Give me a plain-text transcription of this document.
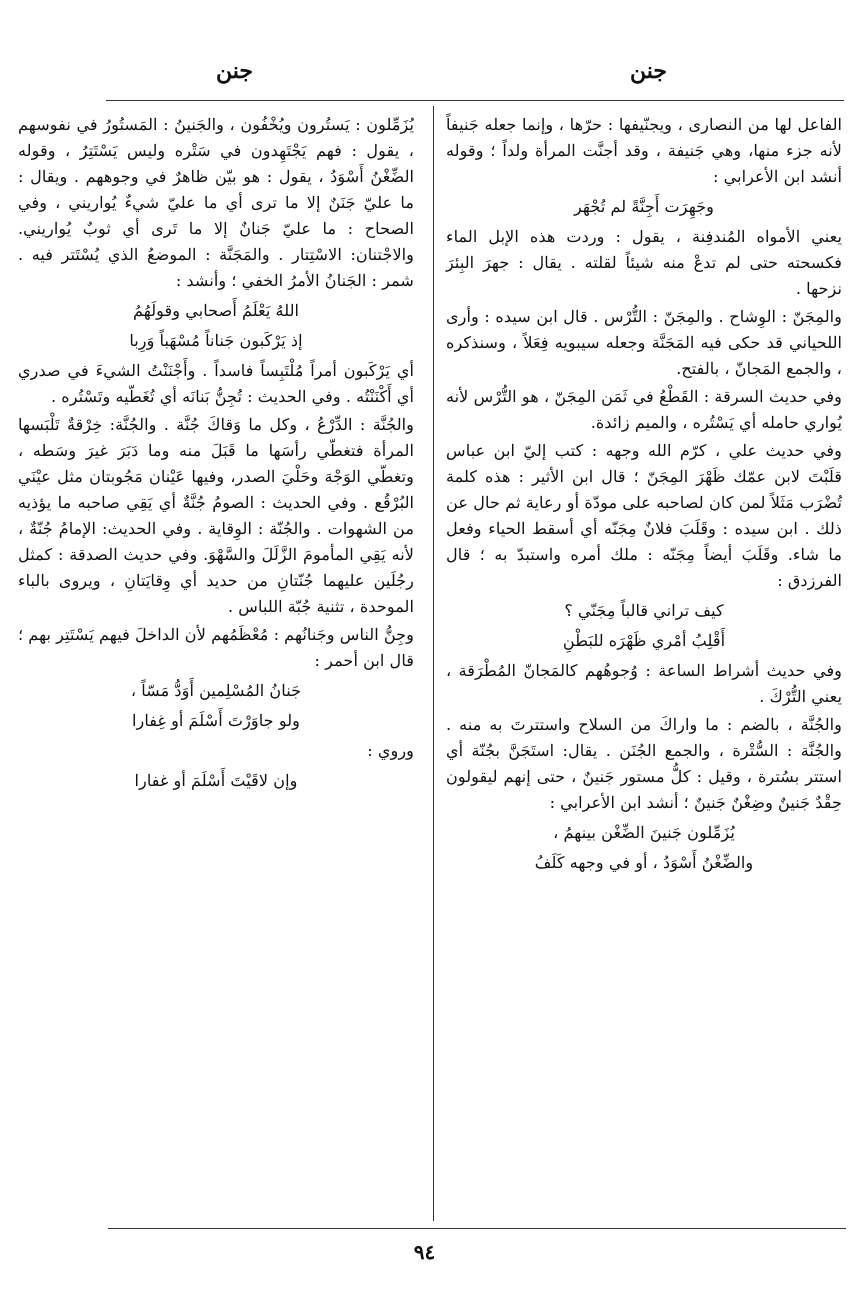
جنن	جنن
الفاعل لها من النصارى ، ويجنّيفها : حرّها ، وإنما جعله جَنيفاً لأنه جزء منها، وهي جَنيفة ، وقد أجنَّت المرأة ولداً ؛ وقوله أنشد ابن الأعرابي :
وجَهِرَت أَجِنَّةً لم تُجْهَر
يعني الأمواه المُندفِنة ، يقول : وردت هذه الإبل الماء فكسحته حتى لم تدعْ منه شيئاً لقلته . يقال : جهرَ البِئرَ نزحها .
والمِجَنّ : الوِشاح . والمِجَنّ : التُّرْس . قال ابن سيده : وأرى اللحياني قد حكى فيه المَجَنَّة وجعله سيبويه فِعَلاً ، وسنذكره ، والجمع المَجانّ ، بالفتح.
وفي حديث السرقة : القَطْعُ في ثَمَن المِجَنّ ، هو التُّرْس لأنه يُواري حامله أي يَسْتُره ، والميم زائدة.
وفي حديث علي ، كرّم الله وجهه : كتب إليّ ابن عباس قلَبْتَ لابن عمّك ظَهْرَ المِجَنّ ؛ قال ابن الأثير : هذه كلمة تُضْرَب مَثَلاً لمن كان لصاحبه على مودّة أو رعاية ثم حال عن ذلك . ابن سيده : وقَلَبَ فلانٌ مِجَنّه أي أسقط الحياء وفعل ما شاء. وقَلَبَ أيضاً مِجَنّه : ملك أمره واستبدّ به ؛ قال الفرزدق :
كيف تراني قالباً مِجَنّي ؟
أَقْلِبُ أمْري ظَهْرَه للبَطْنِ
وفي حديث أشراط الساعة : وُجوهُهم كالمَجانّ المُطْرَقة ، يعني التُّرْكَ .
والجُنَّة ، بالضم : ما واراكَ من السلاح واستترتَ به منه . والجُنَّة : السُّتْرة ، والجمع الجُنَن . يقال: استَجَنَّ بجُنّة أي استتر بسُترة ، وقيل : كلُّ مستور جَنينٌ ، حتى إنهم ليقولون حِقْدٌ جَنينٌ وضِغْنٌ جَنينٌ ؛ أنشد ابن الأعرابي :
يُزَمِّلون جَنينَ الضِّغْن بينهمُ ،
والضِّغْنُ أَسْوَدُ ، أو في وجهه كَلَفُ
يُزَمِّلون : يَستُرون ويُخْفُون ، والجَنينُ : المَستُورُ في نفوسهم ، يقول : فهم يَجْتَهِدون في سَتْره وليس يَسْتَتِرُ ، وقوله الضِّغْنُ أَسْوَدُ ، يقول : هو بيّن ظاهرٌ في وجوههم . ويقال : ما عليّ جَنَنٌ إلا ما ترى أي ما عليّ شيءٌ يُواريني ، وفي الصحاح : ما عليّ جَنانٌ إلا ما تَرى أي ثوبٌ يُواريني. والاجْتنان: الاسْتِتار . والمَجَنَّة : الموضعُ الذي يُسْتَتر فيه . شمر : الجَنانُ الأمرُ الخفي ؛ وأنشد :
اللهُ يَعْلَمُ أَصحابي وقولَهُمُ
إذ يَرْكَبون جَناناً مُسْهَباً وَرِبا
أي يَرْكَبون أمراً مُلْتَبِساً فاسداً . وأَجْنَنْتُ الشيءَ في صدري أي أَكْنَنْتُه . وفي الحديث : تُجِنُّ بَنانَه أي تُغَطّيه وتَسْتُره .
والجُنَّة : الدِّرْعُ ، وكل ما وَقاكَ جُنَّة . والجُنَّة: خِرْقةٌ تَلْبَسها المرأة فتغطّي رأسَها ما قَبَلَ منه وما دَبَرَ غيرَ وسَطه ، وتغطّي الوَجْهَ وحَلْيَ الصدر، وفيها عَيْنان مَجُوبتان مثل عيْنَي البُرْقُع . وفي الحديث : الصومُ جُنَّةٌ أي يَقِي صاحبه ما يؤذيه من الشهوات . والجُنّة : الوِقاية . وفي الحديث: الإمامُ جُنّةٌ ، لأنه يَقِي المأمومَ الزَّلَلَ والسَّهْوَ. وفي حديث الصدقة : كمثل رجُلَين عليهما جُنّتانِ من حديد أي وِقايَتانِ ، ويروى بالباء الموحدة ، تثنية جُبّة اللباس .
وجِنُّ الناس وجَنانُهم : مُعْظَمُهم لأن الداخلَ فيهم يَسْتَتِر بهم ؛ قال ابن أحمر :
جَنانُ المُسْلِمين أَوَدُّ مَسّاً ،
ولو جاوَرْتَ أَسْلَمَ أو غِفارا
وروي :
وإن لاقَيْتَ أَسْلَمَ أو غفارا
٩٤
